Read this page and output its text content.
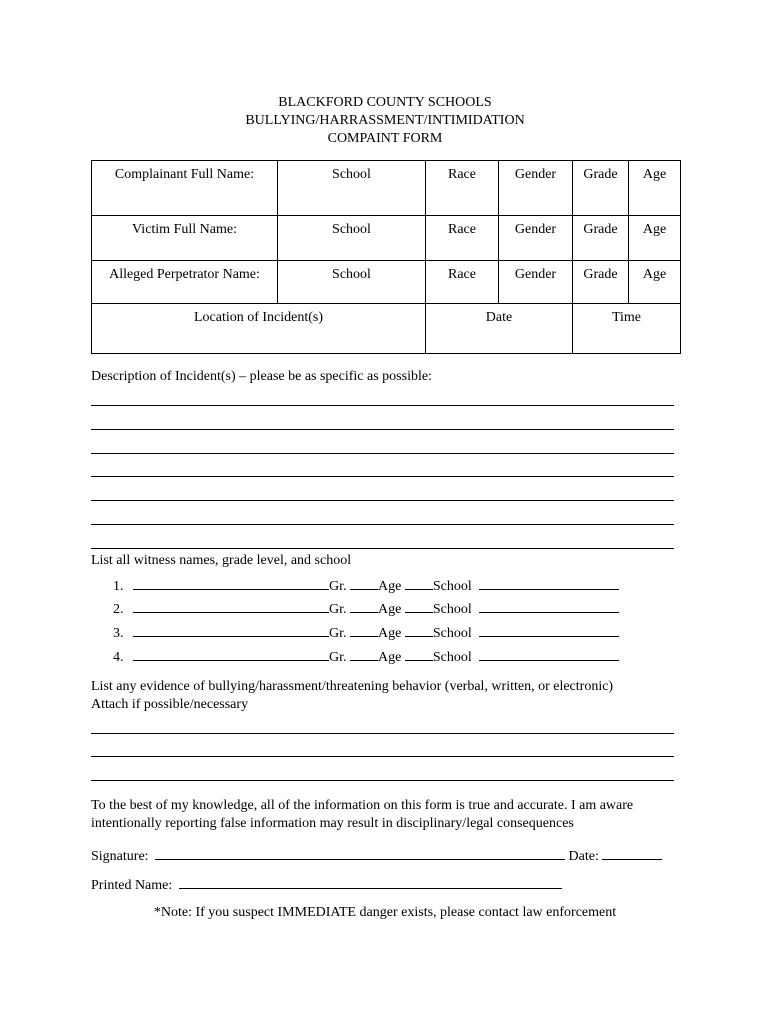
BLACKFORD COUNTY SCHOOLS
BULLYING/HARRASSMENT/INTIMIDATION
COMPAINT FORM
Complainant Full Name:	School	Race	Gender	Grade	Age
Victim Full Name:	School	Race	Gender	Grade	Age
Alleged Perpetrator Name:	School	Race	Gender	Grade	Age
Location of Incident(s)		Date		Time	
Description of Incident(s) – please be as specific as possible:
List all witness names, grade level, and school
1.	Gr. Age School
2.	Gr. Age School
3.	Gr. Age School
4.	Gr. Age School
List any evidence of bullying/harassment/threatening behavior (verbal, written, or electronic)
Attach if possible/necessary
To the best of my knowledge, all of the information on this form is true and accurate. I am aware
intentionally reporting false information may result in disciplinary/legal consequences
Signature:	Date:
Printed Name:
*Note: If you suspect IMMEDIATE danger exists, please contact law enforcement
